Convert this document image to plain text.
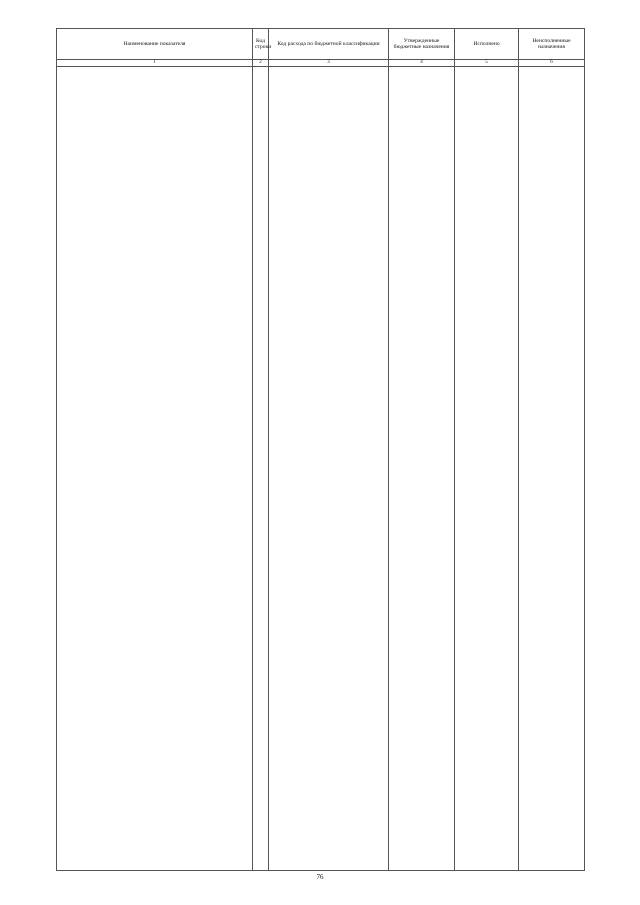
Наименование показателя	Код строки	Код расхода по бюджетной классификации	Утвержденные бюджетные назначения	Исполнено	Неисполненные назначения
1	2	3	4	5	6

76
